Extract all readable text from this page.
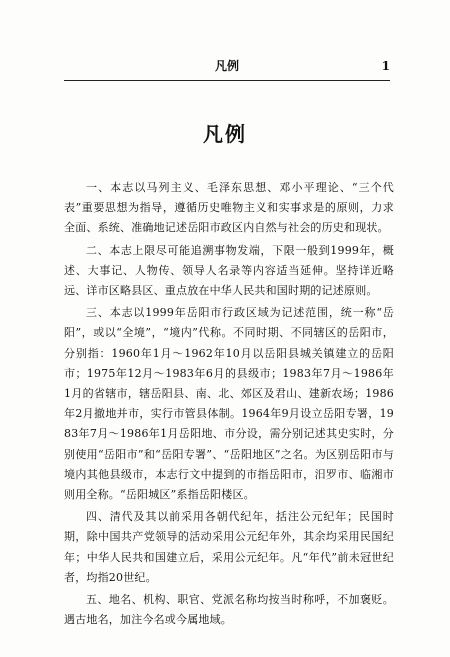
凡例	1
凡例

一、本志以马列主义、毛泽东思想、邓小平理论、“三个代表”重要思想为指导，遵循历史唯物主义和实事求是的原则，力求全面、系统、准确地记述岳阳市政区内自然与社会的历史和现状。

二、本志上限尽可能追溯事物发端，下限一般到1999年，概述、大事记、人物传、领导人名录等内容适当延伸。坚持详近略远、详市区略县区、重点放在中华人民共和国时期的记述原则。

三、本志以1999年岳阳市行政区域为记述范围，统一称“岳阳”，或以“全境”，“境内”代称。不同时期、不同辖区的岳阳市，分别指：1960年1月～1962年10月以岳阳县城关镇建立的岳阳市；1975年12月～1983年6月的县级市；1983年7月～1986年1月的省辖市，辖岳阳县、南、北、郊区及君山、建新农场；1986年2月撤地并市，实行市管县体制。1964年9月设立岳阳专署，1983年7月～1986年1月岳阳地、市分设，需分别记述其史实时，分别使用“岳阳市”和“岳阳专署”、“岳阳地区”之名。为区别岳阳市与境内其他县级市，本志行文中提到的市指岳阳市，汨罗市、临湘市则用全称。“岳阳城区”系指岳阳楼区。

四、清代及其以前采用各朝代纪年，括注公元纪年；民国时期，除中国共产党领导的活动采用公元纪年外，其余均采用民国纪年；中华人民共和国建立后，采用公元纪年。凡“年代”前未冠世纪者，均指20世纪。

五、地名、机构、职官、党派名称均按当时称呼，不加褒贬。遇古地名，加注今名或今属地域。
